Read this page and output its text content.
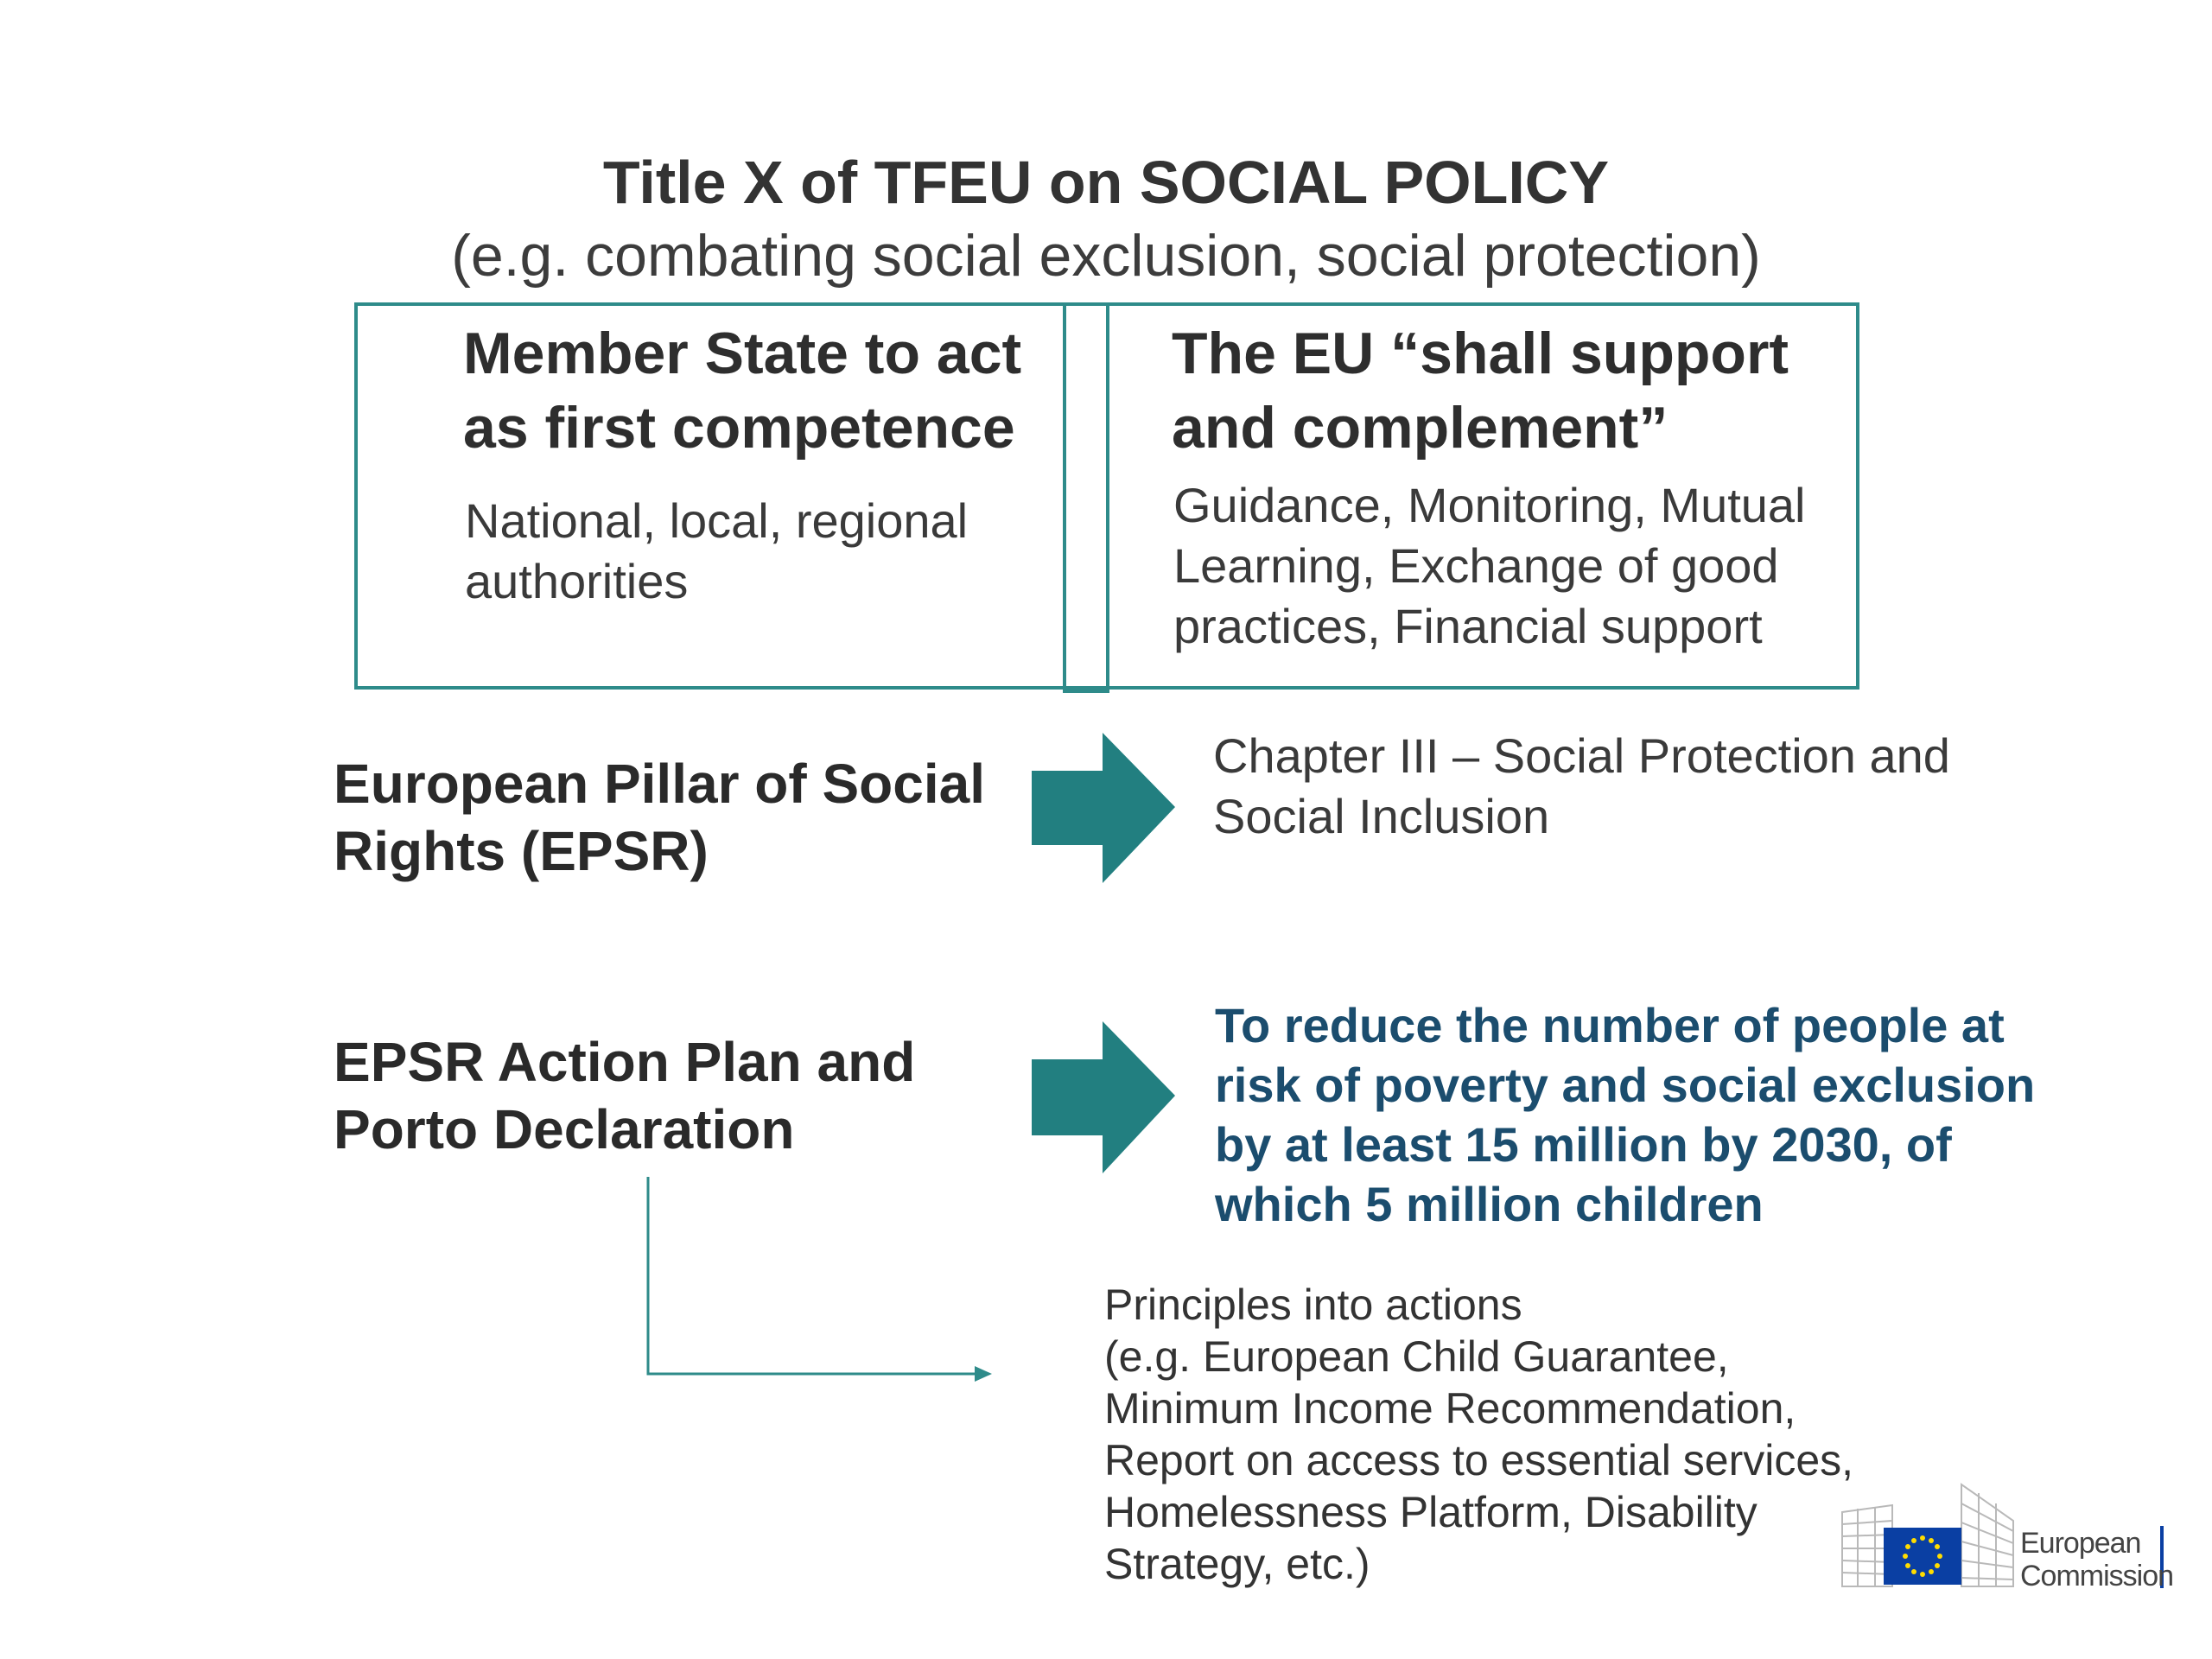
Title X of TFEU on SOCIAL POLICY
(e.g. combating social exclusion, social protection)
Member State to act as first competence
National, local, regional authorities
The EU “shall support and complement”
Guidance, Monitoring, Mutual Learning, Exchange of good practices, Financial support
European Pillar of Social Rights (EPSR)
Chapter III – Social Protection and Social Inclusion
EPSR Action Plan and Porto Declaration
To reduce the number of people at risk of poverty and social exclusion by at least 15 million by 2030, of which 5 million children
Principles into actions
(e.g. European Child Guarantee,
Minimum Income Recommendation,
Report on access to essential services,
Homelessness Platform, Disability
Strategy, etc.)	European
Commission
